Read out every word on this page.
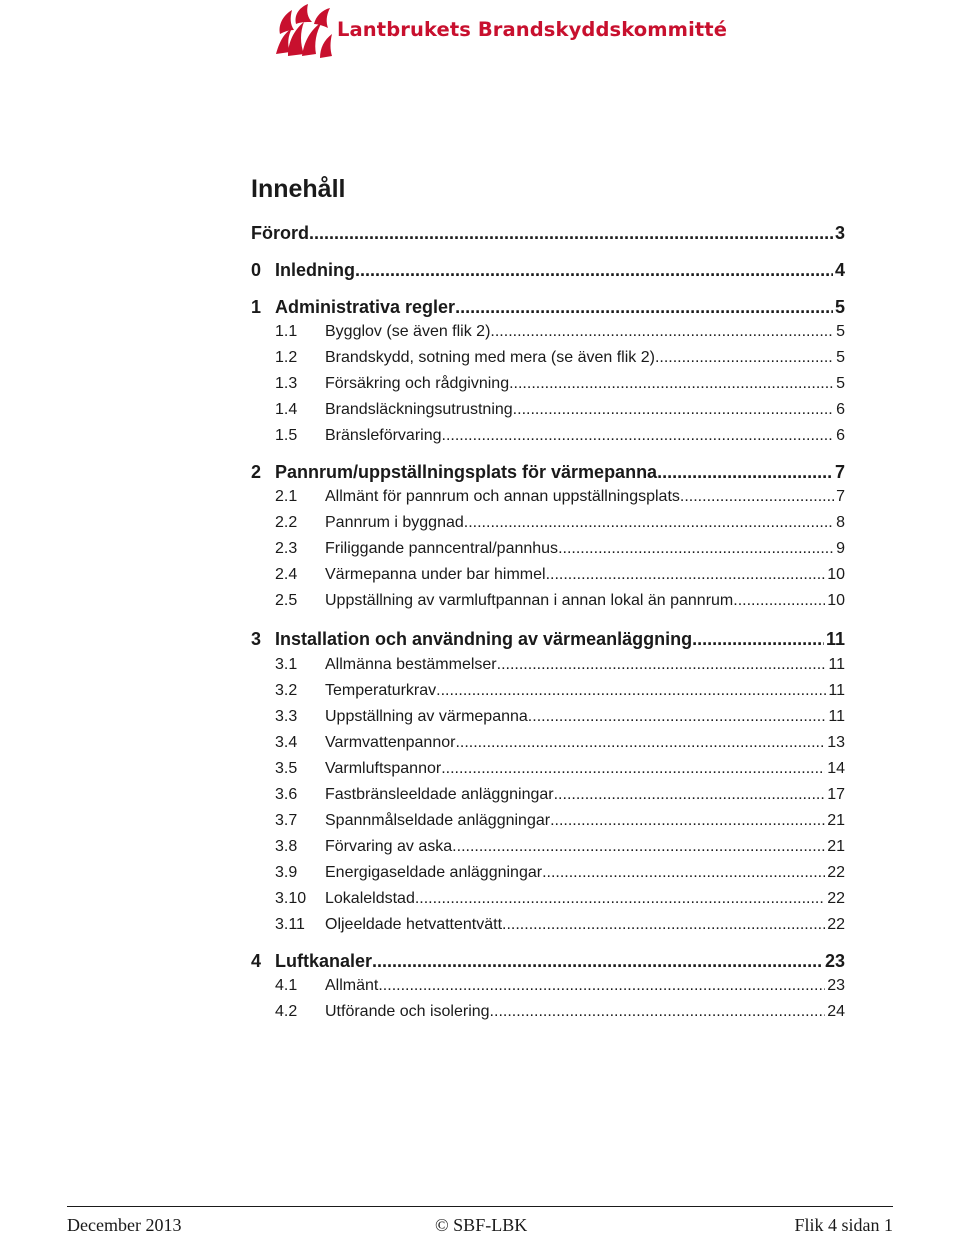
Lantbrukets Brandskyddskommitté
Innehåll
Förord .....	3
0 Inledning .....	4
1 Administrativa regler .....	5
1.1	Bygglov (se även flik 2) .....	5
1.2	Brandskydd, sotning med mera (se även flik 2) .....	5
1.3	Försäkring och rådgivning .....	5
1.4	Brandsläckningsutrustning .....	6
1.5	Bränsleförvaring .....	6
2 Pannrum/uppställningsplats för värmepanna .....	7
2.1	Allmänt för pannrum och annan uppställningsplats .....	7
2.2	Pannrum i byggnad .....	8
2.3	Friliggande panncentral/pannhus .....	9
2.4	Värmepanna under bar himmel .....	10
2.5	Uppställning av varmluftpannan i annan lokal än pannrum .....	10
3 Installation och användning av värmeanläggning .....	11
3.1	Allmänna bestämmelser .....	11
3.2	Temperaturkrav .....	11
3.3	Uppställning av värmepanna .....	11
3.4	Varmvattenpannor .....	13
3.5	Varmluftspannor .....	14
3.6	Fastbränsleeldade anläggningar .....	17
3.7	Spannmålseldade anläggningar .....	21
3.8	Förvaring av aska .....	21
3.9	Energigaseldade anläggningar .....	22
3.10	Lokaleldstad .....	22
3.11	Oljeeldade hetvattentvätt .....	22
4 Luftkanaler .....	23
4.1	Allmänt .....	23
4.2	Utförande och isolering .....	24
December 2013	© SBF-LBK	Flik 4 sidan 1
